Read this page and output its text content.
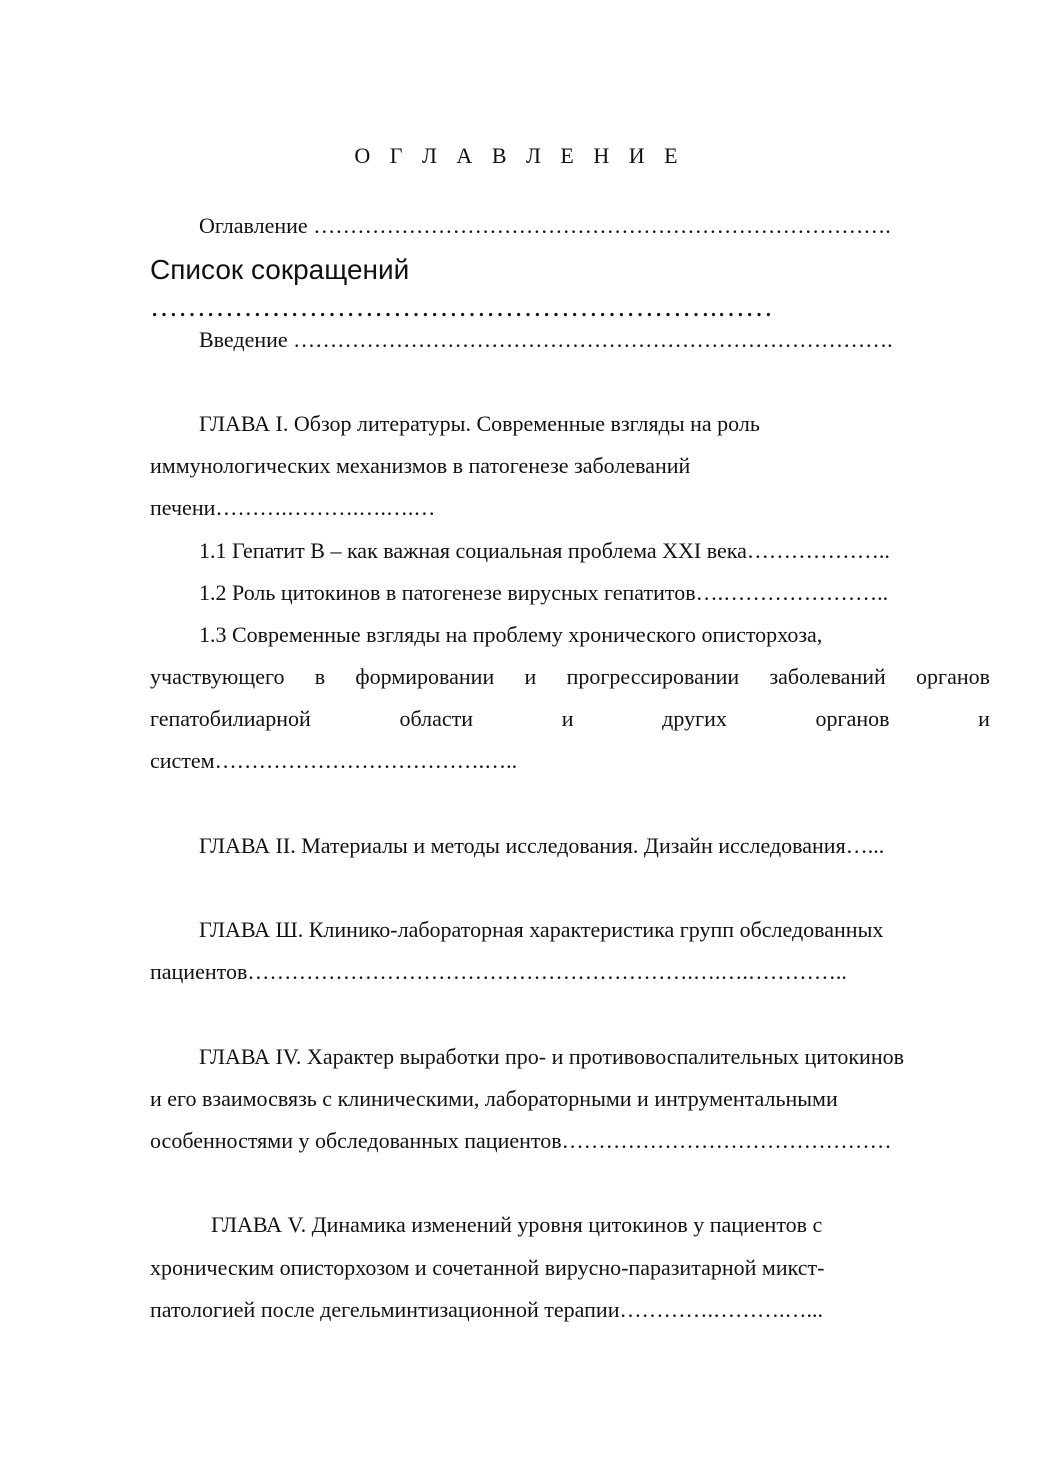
О Г Л А В Л Е Н И Е
Оглавление …………………………………………………………………….
Список сокращений
…………………………………………………….……
Введение ……………………………………………………………………….
ГЛАВА I. Обзор литературы. Современные взгляды на роль
иммунологических механизмов в патогенезе заболеваний
печени……….……….….….…
1.1 Гепатит В – как важная социальная проблема XXI века………………..
1.2 Роль цитокинов в патогенезе вирусных гепатитов….…………………..
1.3 Современные взгляды на проблему хронического описторхоза,
участвующего в формировании и прогрессировании заболеваний органов
гепатобилиарной	области	и	других	органов	и
систем……………………………….…..
ГЛАВА II. Материалы и методы исследования. Дизайн исследования…...
ГЛАВА Ш. Клинико-лабораторная характеристика групп обследованных
пациентов…………………………………………………….….….…………..
ГЛАВА IV. Характер выработки про- и противовоспалительных цитокинов
и его взаимосвязь с клиническими, лабораторными и интрументальными
особенностями у обследованных пациентов………………………………………
ГЛАВА V. Динамика изменений уровня цитокинов у пациентов с
хроническим описторхозом и сочетанной вирусно-паразитарной микст-
патологией после дегельминтизационной терапии………….……….…...
